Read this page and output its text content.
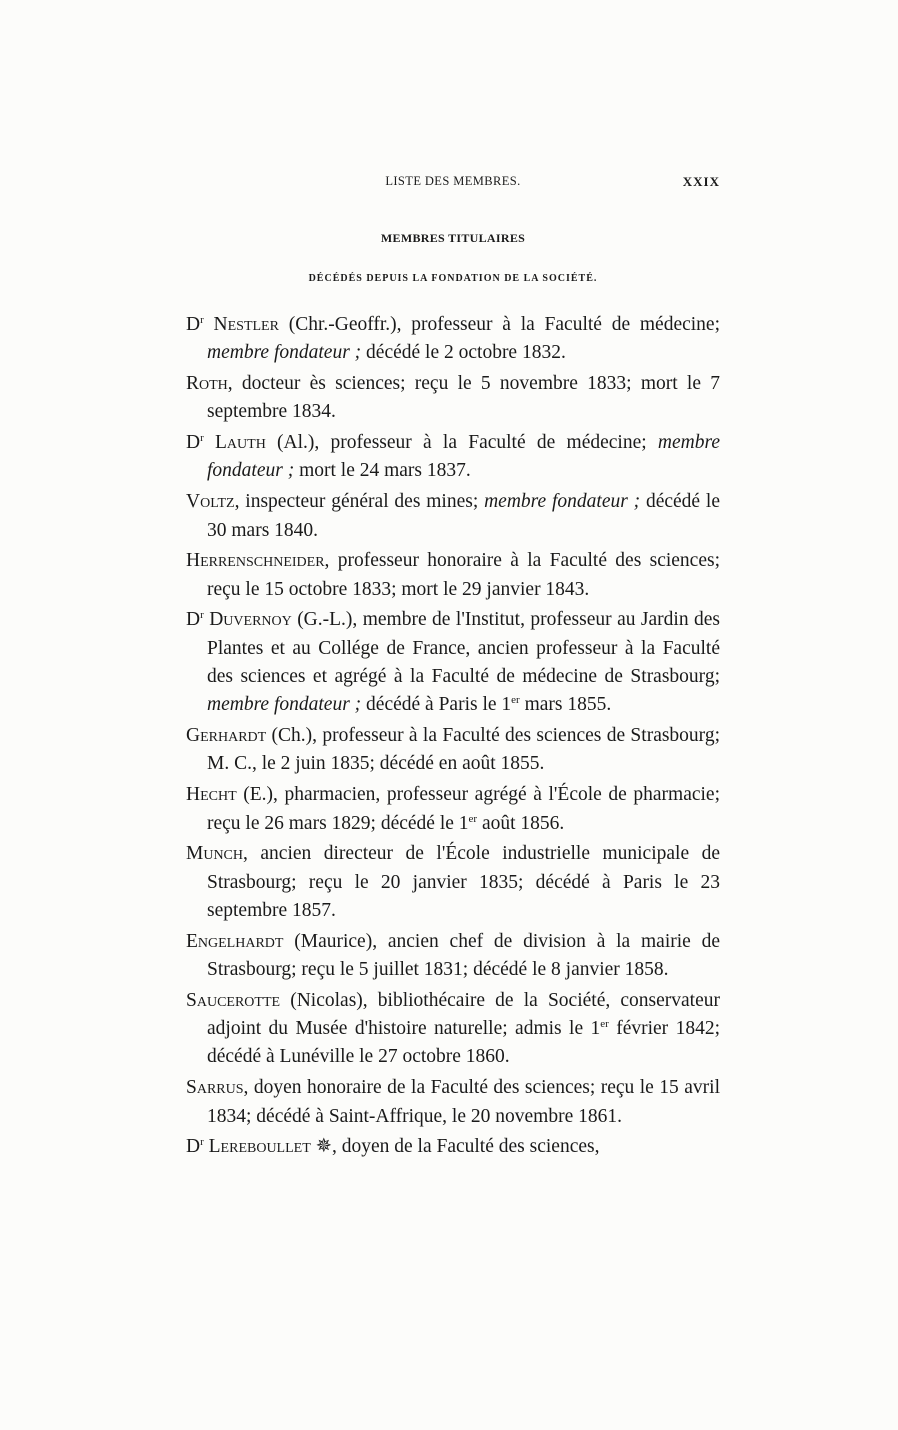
LISTE DES MEMBRES.	XXIX
MEMBRES TITULAIRES
DÉCÉDÉS DEPUIS LA FONDATION DE LA SOCIÉTÉ.

$D^r$ Nestler (Chr.-Geoffr.), professeur à la Faculté de médecine; membre fondateur ; décédé le 2 octobre 1832.

Roth, docteur ès sciences; reçu le 5 novembre 1833; mort le 7 septembre 1834.

$D^r$ Lauth (Al.), professeur à la Faculté de médecine; membre fondateur ; mort le 24 mars 1837.

Voltz, inspecteur général des mines; membre fondateur ; décédé le 30 mars 1840.

Herrenschneider, professeur honoraire à la Faculté des sciences; reçu le 15 octobre 1833; mort le 29 janvier 1843.

$D^r$ Duvernoy (G.-L.), membre de l'Institut, professeur au Jardin des Plantes et au Collége de France, ancien professeur à la Faculté des sciences et agrégé à la Faculté de médecine de Strasbourg; membre fondateur ; décédé à Paris le 1er mars 1855.

Gerhardt (Ch.), professeur à la Faculté des sciences de Strasbourg; M. C., le 2 juin 1835; décédé en août 1855.

Hecht (E.), pharmacien, professeur agrégé à l'École de pharmacie; reçu le 26 mars 1829; décédé le 1er août 1856.

Munch, ancien directeur de l'École industrielle municipale de Strasbourg; reçu le 20 janvier 1835; décédé à Paris le 23 septembre 1857.

Engelhardt (Maurice), ancien chef de division à la mairie de Strasbourg; reçu le 5 juillet 1831; décédé le 8 janvier 1858.

Saucerotte (Nicolas), bibliothécaire de la Société, conservateur adjoint du Musée d'histoire naturelle; admis le 1er février 1842; décédé à Lunéville le 27 octobre 1860.

Sarrus, doyen honoraire de la Faculté des sciences; reçu le 15 avril 1834; décédé à Saint-Affrique, le 20 novembre 1861.

$D^r$ Lereboullet ✵, doyen de la Faculté des sciences,
